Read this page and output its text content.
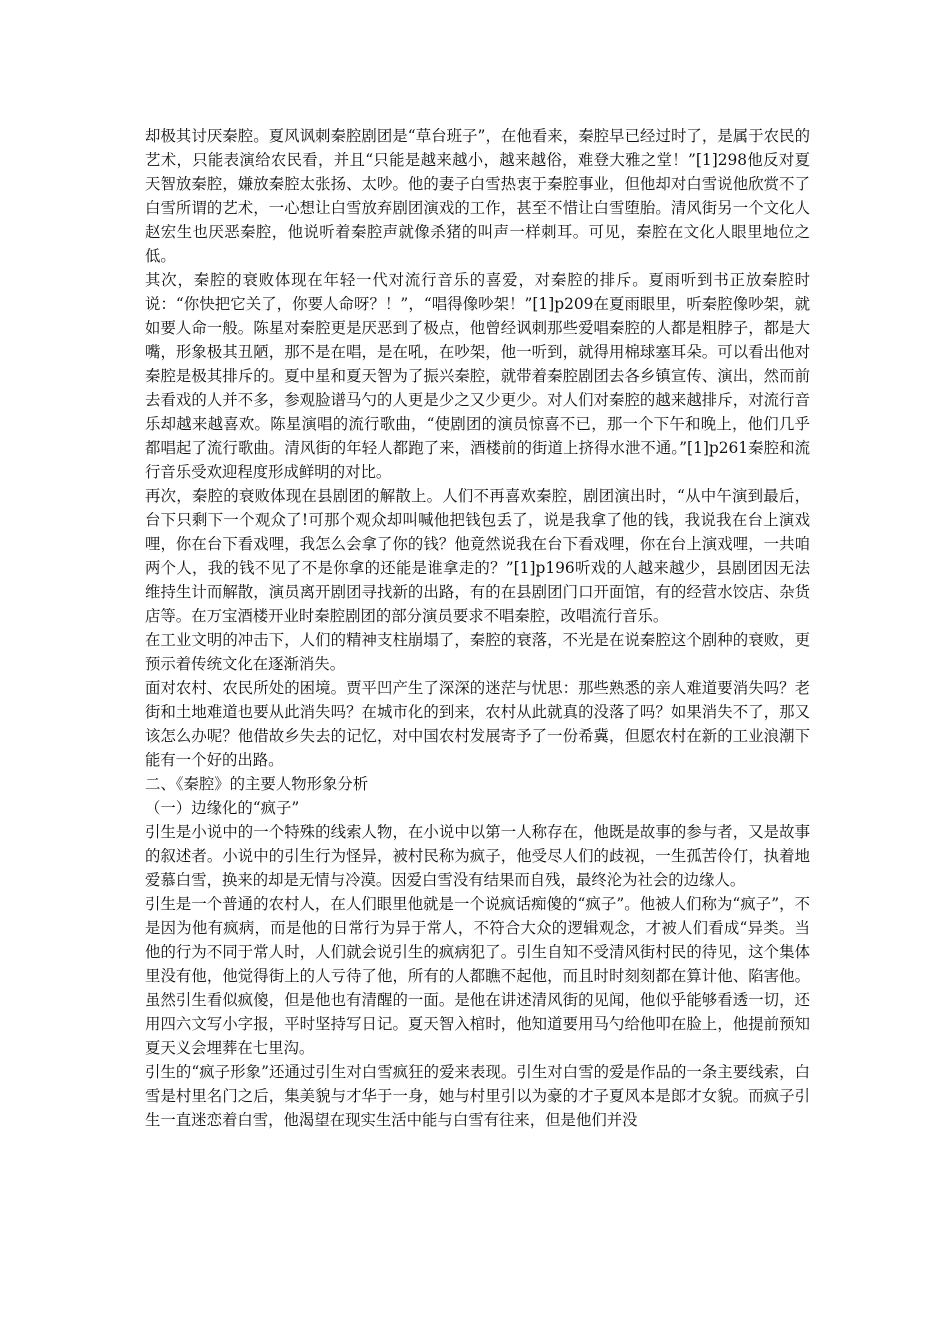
却极其讨厌秦腔。夏风讽刺秦腔剧团是“草台班子”，在他看来，秦腔早已经过时了，是属于农民的艺术，只能表演给农民看，并且“只能是越来越小，越来越俗，难登大雅之堂！”[1]298他反对夏天智放秦腔，嫌放秦腔太张扬、太吵。他的妻子白雪热衷于秦腔事业，但他却对白雪说他欣赏不了白雪所谓的艺术，一心想让白雪放弃剧团演戏的工作，甚至不惜让白雪堕胎。清风街另一个文化人赵宏生也厌恶秦腔，他说听着秦腔声就像杀猪的叫声一样刺耳。可见，秦腔在文化人眼里地位之低。

其次，秦腔的衰败体现在年轻一代对流行音乐的喜爱，对秦腔的排斥。夏雨听到书正放秦腔时说：“你快把它关了，你要人命呀？！”，“唱得像吵架！”[1]p209在夏雨眼里，听秦腔像吵架，就如要人命一般。陈星对秦腔更是厌恶到了极点，他曾经讽刺那些爱唱秦腔的人都是粗脖子，都是大嘴，形象极其丑陋，那不是在唱，是在吼，在吵架，他一听到，就得用棉球塞耳朵。可以看出他对秦腔是极其排斥的。夏中星和夏天智为了振兴秦腔，就带着秦腔剧团去各乡镇宣传、演出，然而前去看戏的人并不多，参观脸谱马勺的人更是少之又少更少。对人们对秦腔的越来越排斥，对流行音乐却越来越喜欢。陈星演唱的流行歌曲，“使剧团的演员惊喜不已，那一个下午和晚上，他们几乎都唱起了流行歌曲。清风街的年轻人都跑了来，酒楼前的街道上挤得水泄不通。”[1]p261秦腔和流行音乐受欢迎程度形成鲜明的对比。

再次，秦腔的衰败体现在县剧团的解散上。人们不再喜欢秦腔，剧团演出时，“从中午演到最后，台下只剩下一个观众了!可那个观众却叫喊他把钱包丢了，说是我拿了他的钱，我说我在台上演戏哩，你在台下看戏哩，我怎么会拿了你的钱？他竟然说我在台下看戏哩，你在台上演戏哩，一共咱两个人，我的钱不见了不是你拿的还能是谁拿走的？”[1]p196听戏的人越来越少，县剧团因无法维持生计而解散，演员离开剧团寻找新的出路，有的在县剧团门口开面馆，有的经营水饺店、杂货店等。在万宝酒楼开业时秦腔剧团的部分演员要求不唱秦腔，改唱流行音乐。

在工业文明的冲击下，人们的精神支柱崩塌了，秦腔的衰落，不光是在说秦腔这个剧种的衰败，更预示着传统文化在逐渐消失。

面对农村、农民所处的困境。贾平凹产生了深深的迷茫与忧思：那些熟悉的亲人难道要消失吗？老街和土地难道也要从此消失吗？在城市化的到来，农村从此就真的没落了吗？如果消失不了，那又该怎么办呢？他借故乡失去的记忆，对中国农村发展寄予了一份希冀，但愿农村在新的工业浪潮下能有一个好的出路。

二、《秦腔》的主要人物形象分析

（一）边缘化的“疯子”

引生是小说中的一个特殊的线索人物，在小说中以第一人称存在，他既是故事的参与者，又是故事的叙述者。小说中的引生行为怪异，被村民称为疯子，他受尽人们的歧视，一生孤苦伶仃，执着地爱慕白雪，换来的却是无情与冷漠。因爱白雪没有结果而自残，最终沦为社会的边缘人。

引生是一个普通的农村人，在人们眼里他就是一个说疯话痴傻的“疯子”。他被人们称为“疯子”，不是因为他有疯病，而是他的日常行为异于常人，不符合大众的逻辑观念，才被人们看成“异类。当他的行为不同于常人时，人们就会说引生的疯病犯了。引生自知不受清风街村民的待见，这个集体里没有他，他觉得街上的人亏待了他，所有的人都瞧不起他，而且时时刻刻都在算计他、陷害他。虽然引生看似疯傻，但是他也有清醒的一面。是他在讲述清风街的见闻，他似乎能够看透一切，还用四六文写小字报，平时坚持写日记。夏天智入棺时，他知道要用马勺给他叩在脸上，他提前预知夏天义会埋葬在七里沟。

引生的“疯子形象”还通过引生对白雪疯狂的爱来表现。引生对白雪的爱是作品的一条主要线索，白雪是村里名门之后，集美貌与才华于一身，她与村里引以为豪的才子夏风本是郎才女貌。而疯子引生一直迷恋着白雪，他渴望在现实生活中能与白雪有往来，但是他们并没
